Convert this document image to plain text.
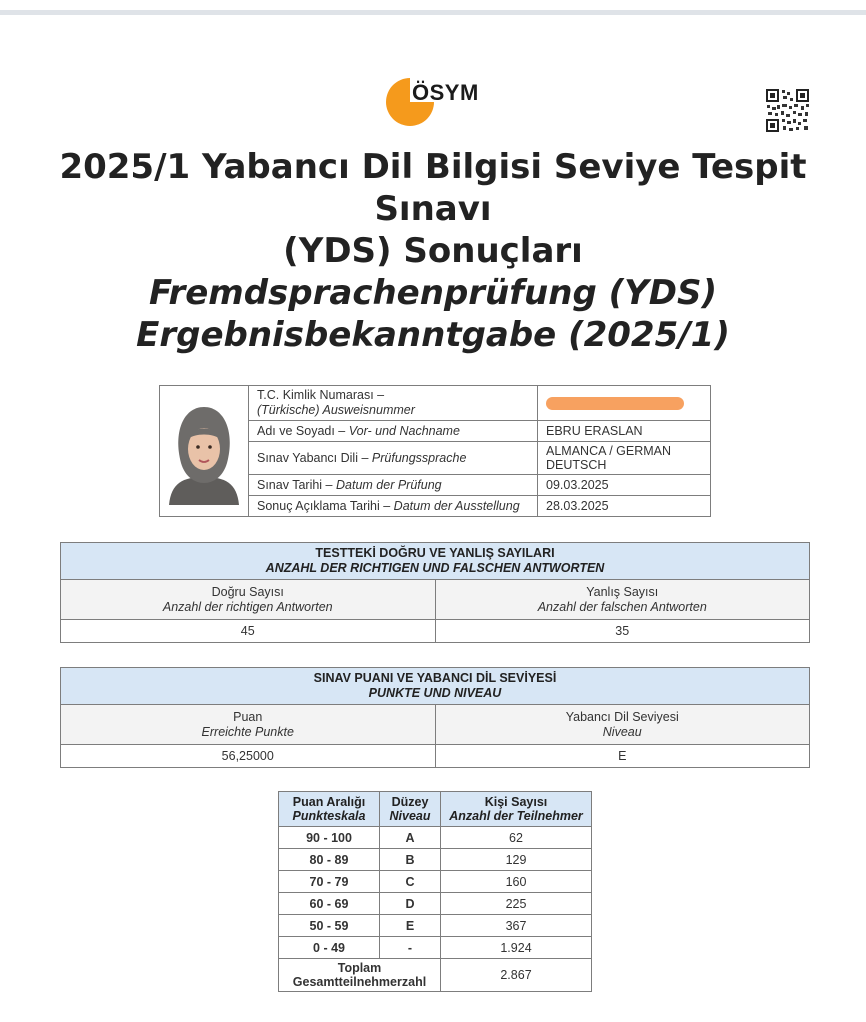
ÖSYM
2025/1 Yabancı Dil Bilgisi Seviye Tespit Sınavı
(YDS) Sonuçları
Fremdsprachenprüfung (YDS)
Ergebnisbekanntgabe (2025/1)
	T.C. Kimlik Numarası –
(Türkische) Ausweisnummer	
	Adı ve Soyadı – Vor- und Nachname	EBRU ERASLAN
	Sınav Yabancı Dili – Prüfungssprache	ALMANCA / GERMAN DEUTSCH
	Sınav Tarihi – Datum der Prüfung	09.03.2025
	Sonuç Açıklama Tarihi – Datum der Ausstellung	28.03.2025
TESTTEKİ DOĞRU VE YANLIŞ SAYILARI
ANZAHL DER RICHTIGEN UND FALSCHEN ANTWORTEN	
Doğru Sayısı
Anzahl der richtigen Antworten	Yanlış Sayısı
Anzahl der falschen Antworten
45	35
SINAV PUANI VE YABANCI DİL SEVİYESİ
PUNKTE UND NIVEAU	
Puan
Erreichte Punkte	Yabancı Dil Seviyesi
Niveau
56,25000	E
Puan Aralığı
Punkteskala	Düzey
Niveau	Kişi Sayısı
Anzahl der Teilnehmer
90 - 100	A	62
80 - 89	B	129
70 - 79	C	160
60 - 69	D	225
50 - 59	E	367
0 - 49	-	1.924
Toplam
Gesamtteilnehmerzahl		2.867
